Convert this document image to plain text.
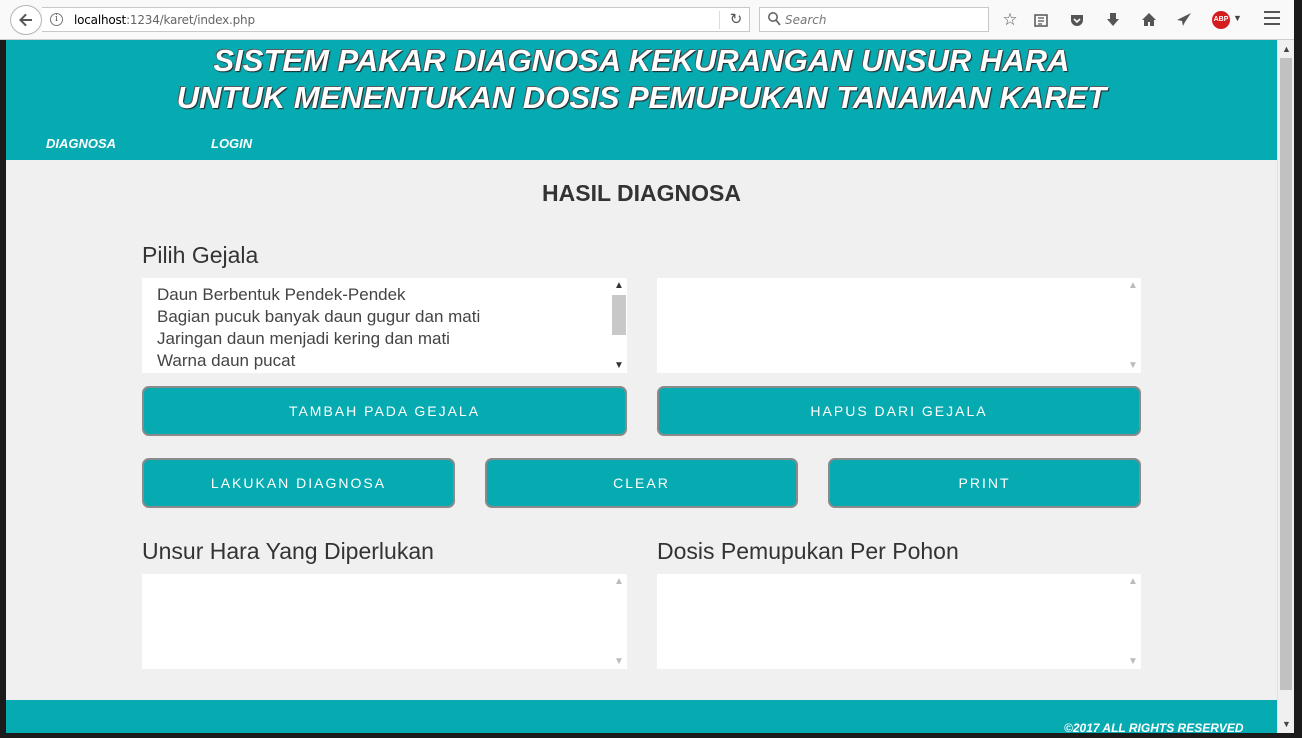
i	localhost:1234/karet/index.php	↻	Search	☆	ABP ▼
SISTEM PAKAR DIAGNOSA KEKURANGAN UNSUR HARA
UNTUK MENENTUKAN DOSIS PEMUPUKAN TANAMAN KARET
DIAGNOSA	LOGIN
HASIL DIAGNOSA
Pilih Gejala
Daun Berbentuk Pendek-Pendek
Bagian pucuk banyak daun gugur dan mati
Jaringan daun menjadi kering dan mati
Warna daun pucat
▲
▼
▲
▼
TAMBAH PADA GEJALA	HAPUS DARI GEJALA
LAKUKAN DIAGNOSA	CLEAR	PRINT
Unsur Hara Yang Diperlukan	Dosis Pemupukan Per Pohon
▲
▼
▲
▼
©2017 ALL RIGHTS RESERVED
▲
▼
